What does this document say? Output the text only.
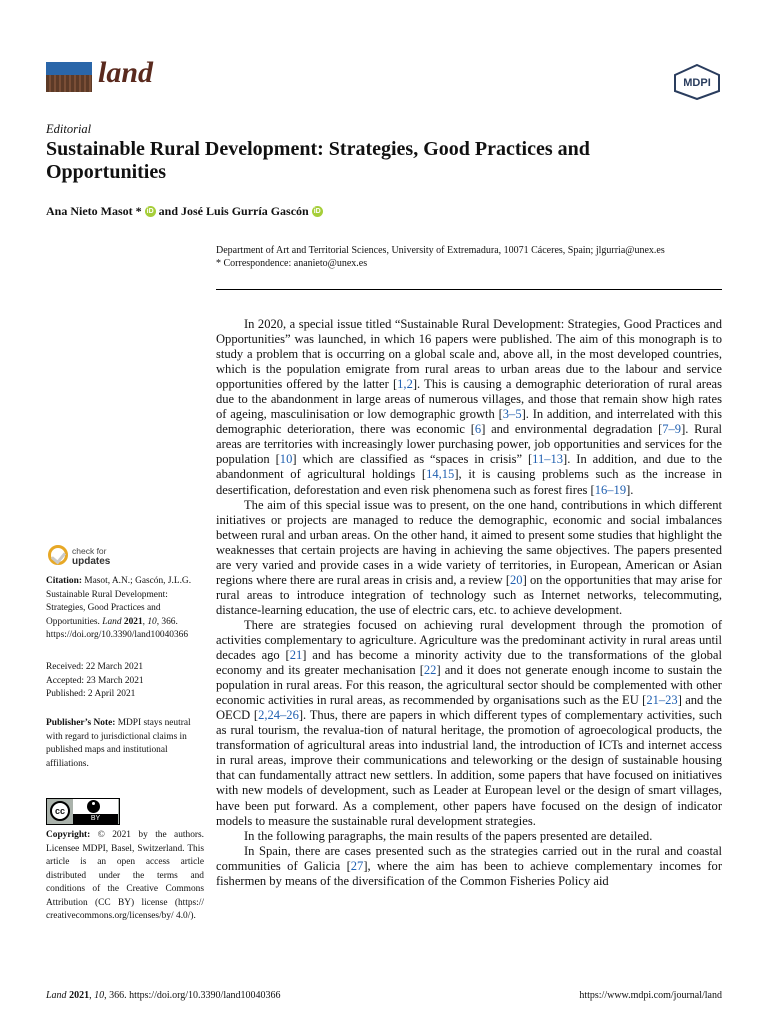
land	MDPI
Editorial
Sustainable Rural Development: Strategies, Good Practices and Opportunities
Ana Nieto Masot * iD and José Luis Gurría Gascón iD
Department of Art and Territorial Sciences, University of Extremadura, 10071 Cáceres, Spain; jlgurria@unex.es
* Correspondence: ananieto@unex.es

In 2020, a special issue titled “Sustainable Rural Development: Strategies, Good Practices and Opportunities” was launched, in which 16 papers were published. The aim of this monograph is to study a problem that is occurring on a global scale and, above all, in the most developed countries, which is the population emigrate from rural areas to urban areas due to the labour and service opportunities offered by the latter [1,2]. This is causing a demographic deterioration of rural areas due to the abandonment in large areas of numerous villages, and those that remain show high rates of ageing, masculinisation or low demographic growth [3–5]. In addition, and interrelated with this demographic deterioration, there was economic [6] and environmental degradation [7–9]. Rural areas are territories with increasingly lower purchasing power, job opportunities and services for the population [10] which are classified as “spaces in crisis” [11–13]. In addition, and due to the abandonment of agricultural holdings [14,15], it is causing problems such as the increase in desertification, deforestation and even risk phenomena such as forest fires [16–19].

The aim of this special issue was to present, on the one hand, contributions in which different initiatives or projects are managed to reduce the demographic, economic and social imbalances between rural and urban areas. On the other hand, it aimed to present some studies that highlight the weaknesses that certain projects are having in achieving the same objectives. The papers presented are very varied and provide cases in a wide variety of territories, in European, American or Asian regions where there are rural areas in crisis and, a review [20] on the opportunities that may arise for rural areas to introduce integration of technology such as Internet networks, telecommuting, distance-learning education, the use of electric cars, etc. to achieve development.

There are strategies focused on achieving rural development through the promotion of activities complementary to agriculture. Agriculture was the predominant activity in rural areas until decades ago [21] and has become a minority activity due to the transformations of the global economy and its greater mechanisation [22] and it does not generate enough income to sustain the population in rural areas. For this reason, the agricultural sector should be complemented with other economic activities in rural areas, as recommended by organisations such as the EU [21–23] and the OECD [2,24–26]. Thus, there are papers in which different types of complementary activities, such as rural tourism, the revalua-tion of natural heritage, the promotion of agroecological products, the transformation of agricultural areas into industrial land, the introduction of ICTs and internet access in rural areas, improve their communications and teleworking or the design of sustainable housing that can fundamentally attract new settlers. In addition, some papers that have focused on initiatives with new models of development, such as Leader at European level or the design of smart villages, have been put forward. As a complement, other papers have focused on the design of indicator models to measure the sustainable rural development strategies.

In the following paragraphs, the main results of the papers presented are detailed.

In Spain, there are cases presented such as the strategies carried out in the rural and coastal communities of Galicia [27], where the aim has been to achieve complementary incomes for fishermen by means of the diversification of the Common Fisheries Policy aid

check for
updates
Citation: Masot, A.N.; Gascón, J.L.G. Sustainable Rural Development: Strategies, Good Practices and Opportunities. Land 2021, 10, 366. https://doi.org/10.3390/land10040366
Received: 22 March 2021
Accepted: 23 March 2021
Published: 2 April 2021
Publisher’s Note: MDPI stays neutral with regard to jurisdictional claims in published maps and institutional affiliations.
cc
BY
Copyright: © 2021 by the authors. Licensee MDPI, Basel, Switzerland. This article is an open access article distributed under the terms and conditions of the Creative Commons Attribution (CC BY) license (https:// creativecommons.org/licenses/by/ 4.0/).
Land 2021, 10, 366. https://doi.org/10.3390/land10040366	https://www.mdpi.com/journal/land
